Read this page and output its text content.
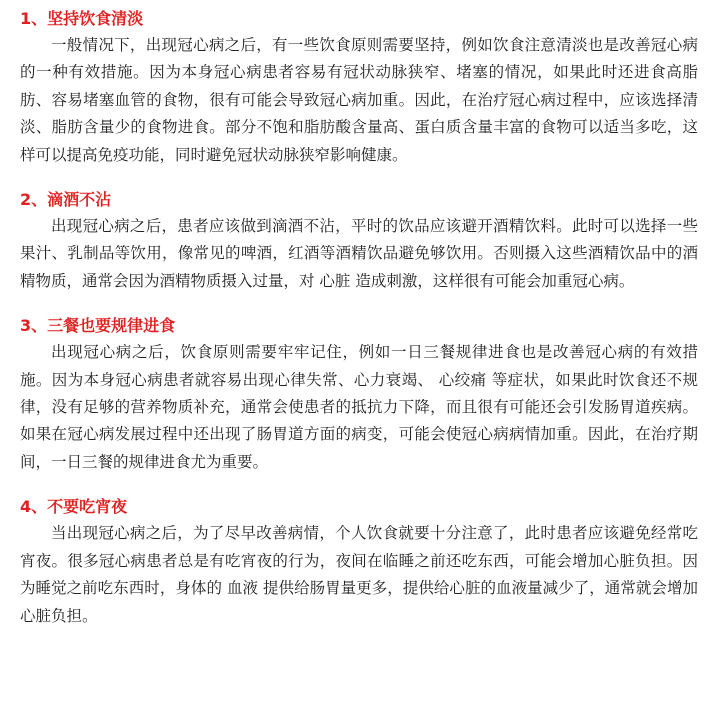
1、坚持饮食清淡

一般情况下，出现冠心病之后，有一些饮食原则需要坚持，例如饮食注意清淡也是改善冠心病的一种有效措施。因为本身冠心病患者容易有冠状动脉狭窄、堵塞的情况，如果此时还进食高脂肪、容易堵塞血管的食物，很有可能会导致冠心病加重。因此，在治疗冠心病过程中，应该选择清淡、脂肪含量少的食物进食。部分不饱和脂肪酸含量高、蛋白质含量丰富的食物可以适当多吃，这样可以提高免疫功能，同时避免冠状动脉狭窄影响健康。

2、滴酒不沾

出现冠心病之后，患者应该做到滴酒不沾，平时的饮品应该避开酒精饮料。此时可以选择一些果汁、乳制品等饮用，像常见的啤酒，红酒等酒精饮品避免够饮用。否则摄入这些酒精饮品中的酒精物质，通常会因为酒精物质摄入过量，对 心脏 造成刺激，这样很有可能会加重冠心病。

3、三餐也要规律进食

出现冠心病之后，饮食原则需要牢牢记住，例如一日三餐规律进食也是改善冠心病的有效措施。因为本身冠心病患者就容易出现心律失常、心力衰竭、 心绞痛 等症状，如果此时饮食还不规律，没有足够的营养物质补充，通常会使患者的抵抗力下降，而且很有可能还会引发肠胃道疾病。如果在冠心病发展过程中还出现了肠胃道方面的病变，可能会使冠心病病情加重。因此，在治疗期间，一日三餐的规律进食尤为重要。

4、不要吃宵夜

当出现冠心病之后，为了尽早改善病情，个人饮食就要十分注意了，此时患者应该避免经常吃宵夜。很多冠心病患者总是有吃宵夜的行为，夜间在临睡之前还吃东西，可能会增加心脏负担。因为睡觉之前吃东西时，身体的 血液 提供给肠胃量更多，提供给心脏的血液量减少了，通常就会增加心脏负担。
